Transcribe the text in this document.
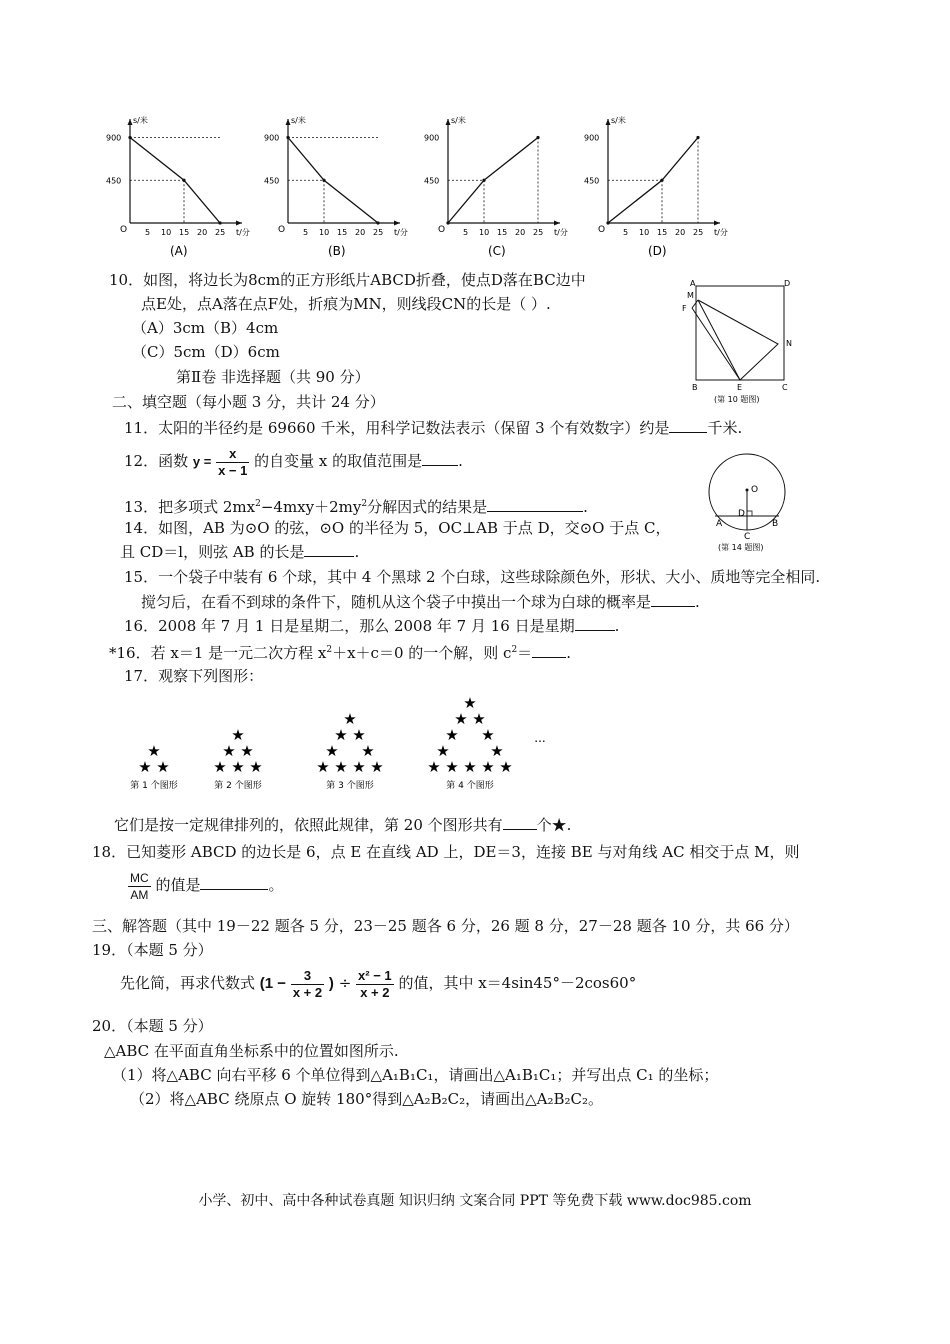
s/米
t/分
O
900
450
5 10 15 20 25
(A)
s/米
t/分
O
900
450
5 10 15 20 25
(B)
s/米
t/分
O
900
450
5 10 15 20 25
(C)
s/米
t/分
O
900
450
5 10 15 20 25
(D)
10．如图，将边长为8cm的正方形纸片ABCD折叠，使点D落在BC边中
点E处，点A落在点F处，折痕为MN，则线段CN的长是（ ）.
（A）3cm（B）4cm
（C）5cm（D）6cm
A	D
M
F
N
B	E	C
(第 10 题图)
第Ⅱ卷 非选择题（共 90 分）
二、填空题（每小题 3 分，共计 24 分）
11．太阳的半径约是 69660 千米，用科学记数法表示（保留 3 个有效数字）约是	千米.
12．函数 $y = \frac{x}{x - 1}$ 的自变量 x 的取值范围是 .
13．把多项式 $2mx^2-4mxy+2my^2$分解因式的结果是	.
14．如图，AB 为⊙O 的弦，⊙O 的半径为 5，OC⊥AB 于点 D，交⊙O 于点 C，
且 CD＝l，则弦 AB 的长是	.
O
D
A	B
C
(第 14 题图)
15．一个袋子中装有 6 个球，其中 4 个黑球 2 个白球，这些球除颜色外，形状、大小、质地等完全相同.
搅匀后，在看不到球的条件下，随机从这个袋子中摸出一个球为白球的概率是	.
16．2008 年 7 月 1 日是星期二，那么 2008 年 7 月 16 日是星期	.
*16．若 x＝1 是一元二次方程 $x^2+x+c=0$ 的一个解，则 $c^2=$ .
17．观察下列图形：
★
★ ★
第 1 个图形
★
★ ★
★ ★ ★
第 2 个图形
★
★ ★
★ ★
★ ★ ★ ★
第 3 个图形
★
★ ★
★ ★
★	★
★ ★ ★ ★ ★
第 4 个图形
...
它们是按一定规律排列的，依照此规律，第 20 个图形共有 个★.
18．已知菱形 ABCD 的边长是 6，点 E 在直线 AD 上，DE＝3，连接 BE 与对角线 AC 相交于点 M，则
$\frac{MC}{AM}$ 的值是	。
三、解答题（其中 19－22 题各 5 分，23－25 题各 6 分，26 题 8 分，27－28 题各 10 分，共 66 分）
19．（本题 5 分）
先化简，再求代数式 ($1 - \frac{3}{x + 2}$ ) ÷ $\frac{\text{x² − 1}}{x + 2}$ 的值，其中 x＝4sin45°－2cos60°
20．（本题 5 分）
△ABC 在平面直角坐标系中的位置如图所示.
（1）将△ABC 向右平移 6 个单位得到△A₁B₁C₁，请画出△A₁B₁C₁；并写出点 C₁ 的坐标；
（2）将△ABC 绕原点 O 旋转 180°得到△A₂B₂C₂，请画出△A₂B₂C₂。
小学、初中、高中各种试卷真题 知识归纳 文案合同 PPT 等免费下载 www.doc985.com
